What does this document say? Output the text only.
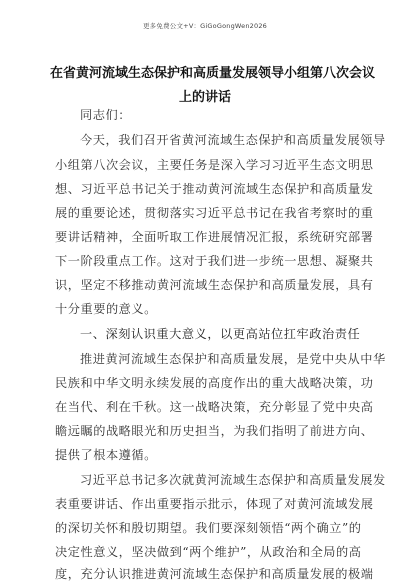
更多免费公文+V：GiGoGongWen2026
在省黄河流域生态保护和高质量发展领导小组第八次会议
上的讲话
同志们：
今天，我们召开省黄河流域生态保护和高质量发展领导
小组第八次会议，主要任务是深入学习习近平生态文明思
想、习近平总书记关于推动黄河流域生态保护和高质量发
展的重要论述，贯彻落实习近平总书记在我省考察时的重
要讲话精神，全面听取工作进展情况汇报，系统研究部署
下一阶段重点工作。这对于我们进一步统一思想、凝聚共
识，坚定不移推动黄河流域生态保护和高质量发展，具有
十分重要的意义。
一、深刻认识重大意义，以更高站位扛牢政治责任
推进黄河流域生态保护和高质量发展，是党中央从中华
民族和中华文明永续发展的高度作出的重大战略决策，功
在当代、利在千秋。这一战略决策，充分彰显了党中央高
瞻远瞩的战略眼光和历史担当，为我们指明了前进方向、
提供了根本遵循。
习近平总书记多次就黄河流域生态保护和高质量发展发
表重要讲话、作出重要指示批示，体现了对黄河流域发展
的深切关怀和殷切期望。我们要深刻领悟“两个确立”的
决定性意义，坚决做到“两个维护”，从政治和全局的高
度，充分认识推进黄河流域生态保护和高质量发展的极端
